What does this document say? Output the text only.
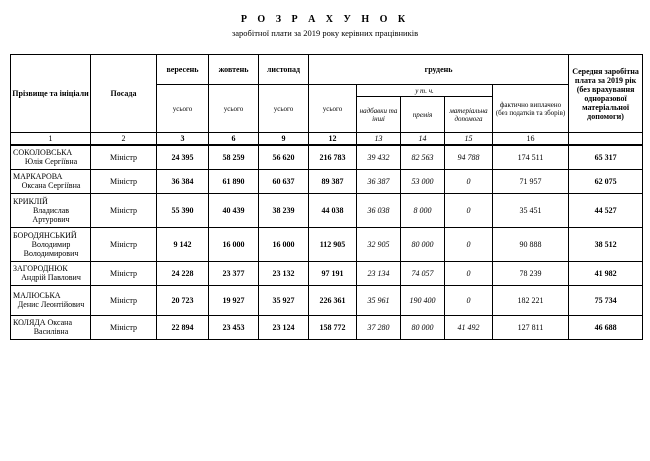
Р О З Р А Х У Н О К
заробітної плати за 2019 року керівних працівників
Прізвище та ініціали	Посада	вересень	жовтень	листопад	грудень					Середня заробітна плата за 2019 рік (без врахування одноразової матеріальної допомоги)
		усього	усього	усього	усього	у т. ч.			фактично виплачено (без податків та зборів)	
						надбавки та інші	премія	матеріальна допомога		
1	2	3	6	9	12	13	14	15	16	

СОКОЛОВСЬКА
Юлія Сергіївна	Міністр	24 395	58 259	56 620	216 783	39 432	82 563	94 788	174 511	65 317

МАРКАРОВА
Оксана Сергіївна	Міністр	36 384	61 890	60 637	89 387	36 387	53 000	0	71 957	62 075

КРИКЛІЙ
Владислав
Артурович	Міністр	55 390	40 439	38 239	44 038	36 038	8 000	0	35 451	44 527

БОРОДЯНСЬКИЙ
Володимир
Володимирович	Міністр	9 142	16 000	16 000	112 905	32 905	80 000	0	90 888	38 512

ЗАГОРОДНЮК
Андрій Павлович	Міністр	24 228	23 377	23 132	97 191	23 134	74 057	0	78 239	41 982

МАЛЮСЬКА
Денис Леонтійович	Міністр	20 723	19 927	35 927	226 361	35 961	190 400	0	182 221	75 734

КОЛЯДА Оксана
Василівна	Міністр	22 894	23 453	23 124	158 772	37 280	80 000	41 492	127 811	46 688
